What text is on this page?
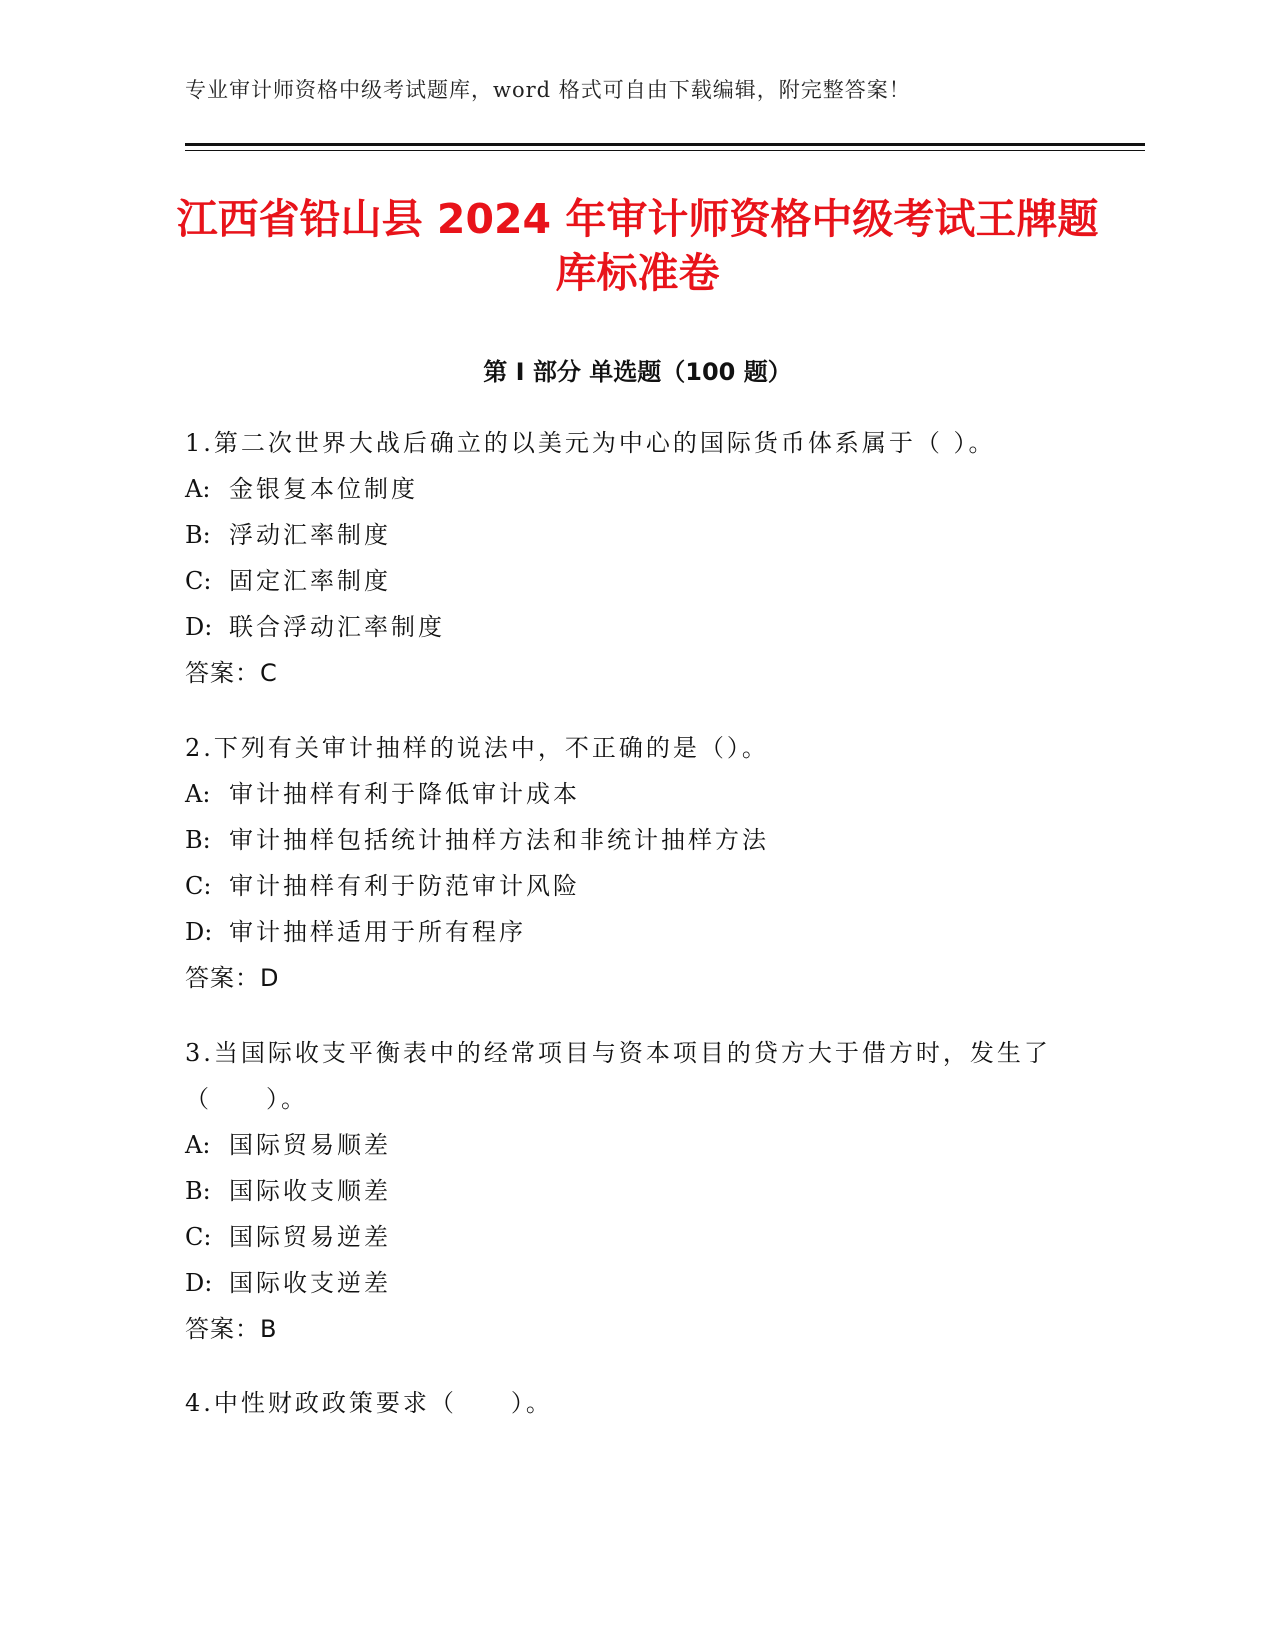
专业审计师资格中级考试题库，word 格式可自由下载编辑，附完整答案！
江西省铅山县 2024 年审计师资格中级考试王牌题库标准卷
第 I 部分 单选题（100 题）
1.第二次世界大战后确立的以美元为中心的国际货币体系属于（ ）。
A: 金银复本位制度
B: 浮动汇率制度
C: 固定汇率制度
D: 联合浮动汇率制度
答案：C
2.下列有关审计抽样的说法中，不正确的是（）。
A: 审计抽样有利于降低审计成本
B: 审计抽样包括统计抽样方法和非统计抽样方法
C: 审计抽样有利于防范审计风险
D: 审计抽样适用于所有程序
答案：D
3.当国际收支平衡表中的经常项目与资本项目的贷方大于借方时，发生了（　　）。
A: 国际贸易顺差
B: 国际收支顺差
C: 国际贸易逆差
D: 国际收支逆差
答案：B
4.中性财政政策要求（　　）。
